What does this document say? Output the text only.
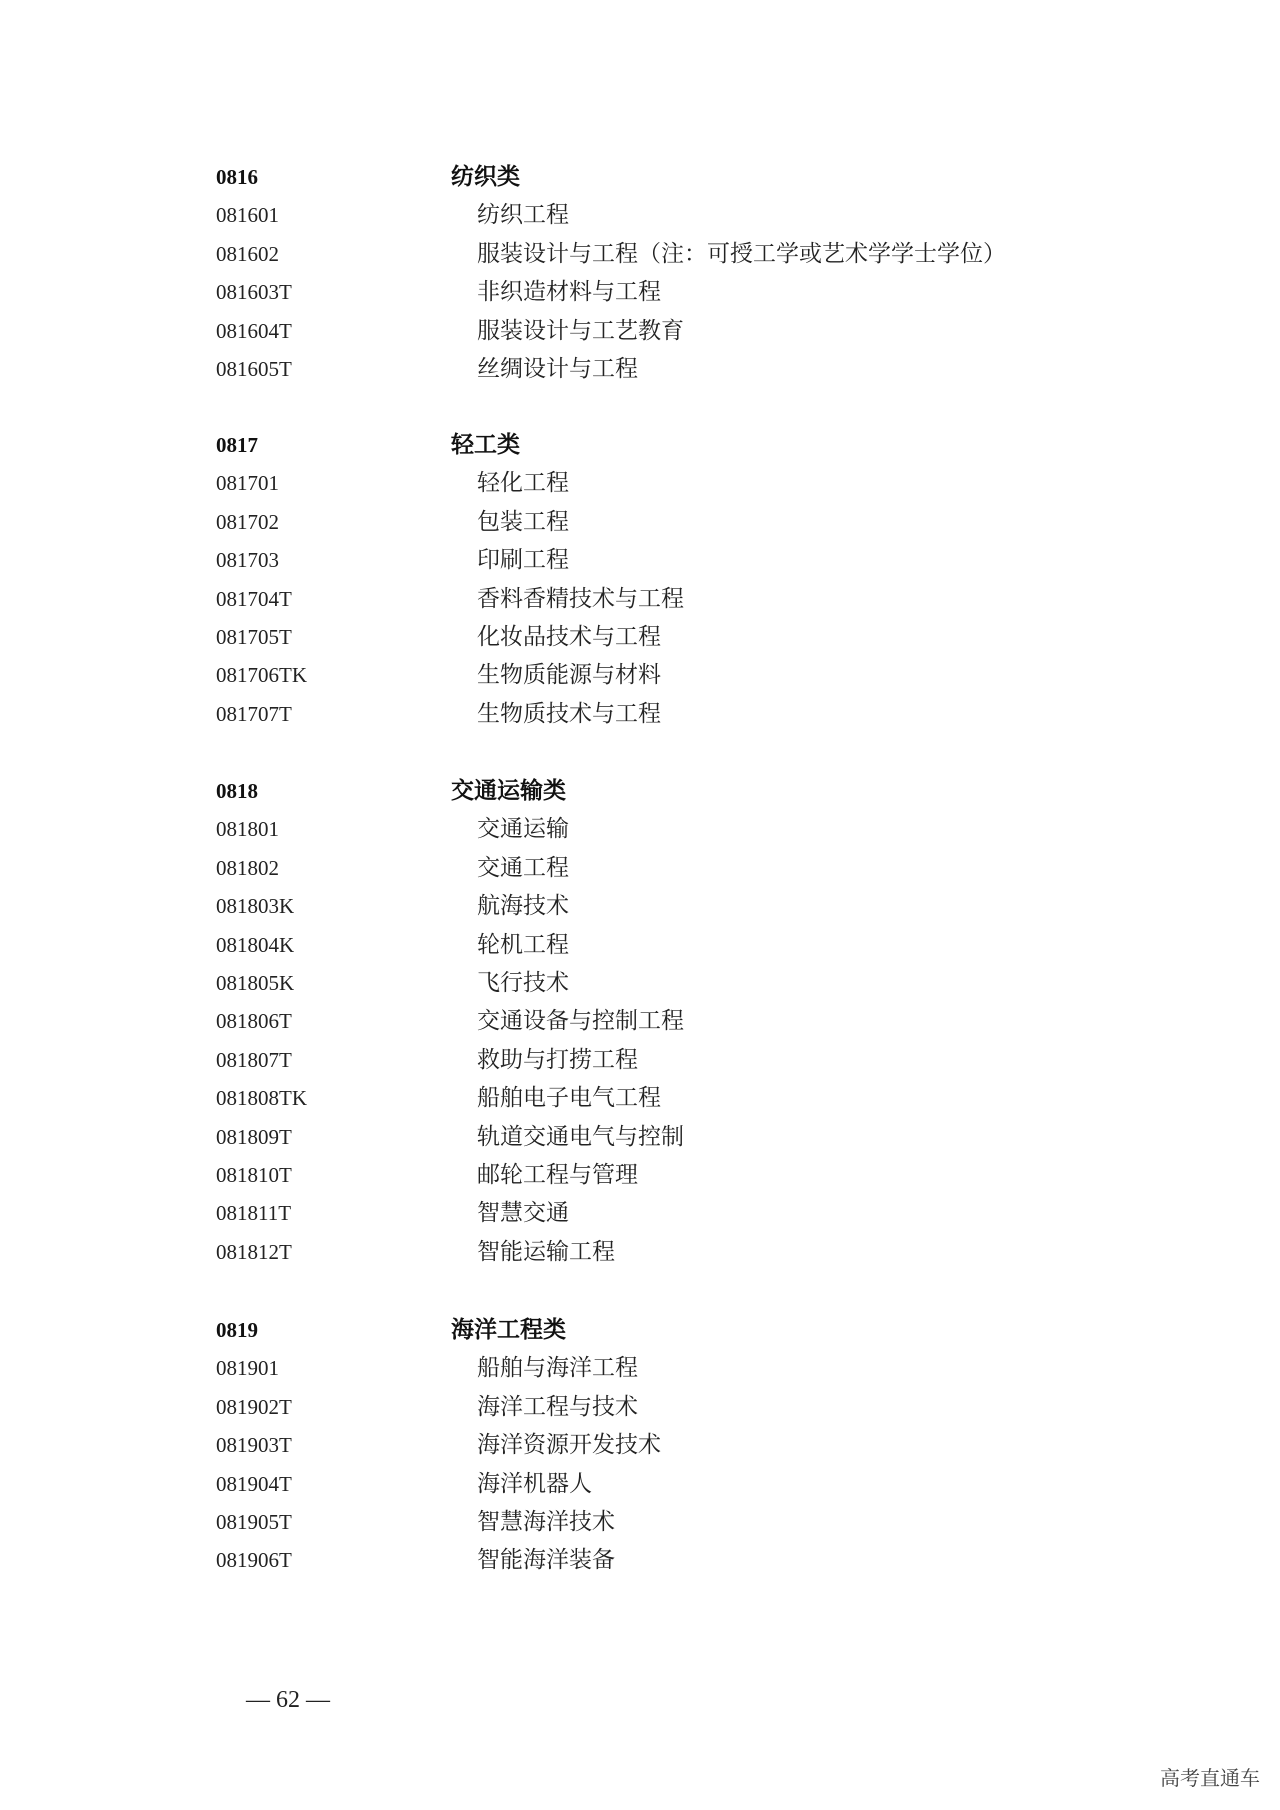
0816	纺织类
081601	纺织工程
081602	服装设计与工程（注：可授工学或艺术学学士学位）
081603T	非织造材料与工程
081604T	服装设计与工艺教育
081605T	丝绸设计与工程
0817	轻工类
081701	轻化工程
081702	包装工程
081703	印刷工程
081704T	香料香精技术与工程
081705T	化妆品技术与工程
081706TK	生物质能源与材料
081707T	生物质技术与工程
0818	交通运输类
081801	交通运输
081802	交通工程
081803K	航海技术
081804K	轮机工程
081805K	飞行技术
081806T	交通设备与控制工程
081807T	救助与打捞工程
081808TK	船舶电子电气工程
081809T	轨道交通电气与控制
081810T	邮轮工程与管理
081811T	智慧交通
081812T	智能运输工程
0819	海洋工程类
081901	船舶与海洋工程
081902T	海洋工程与技术
081903T	海洋资源开发技术
081904T	海洋机器人
081905T	智慧海洋技术
081906T	智能海洋装备
— 62 —
高考直通车
